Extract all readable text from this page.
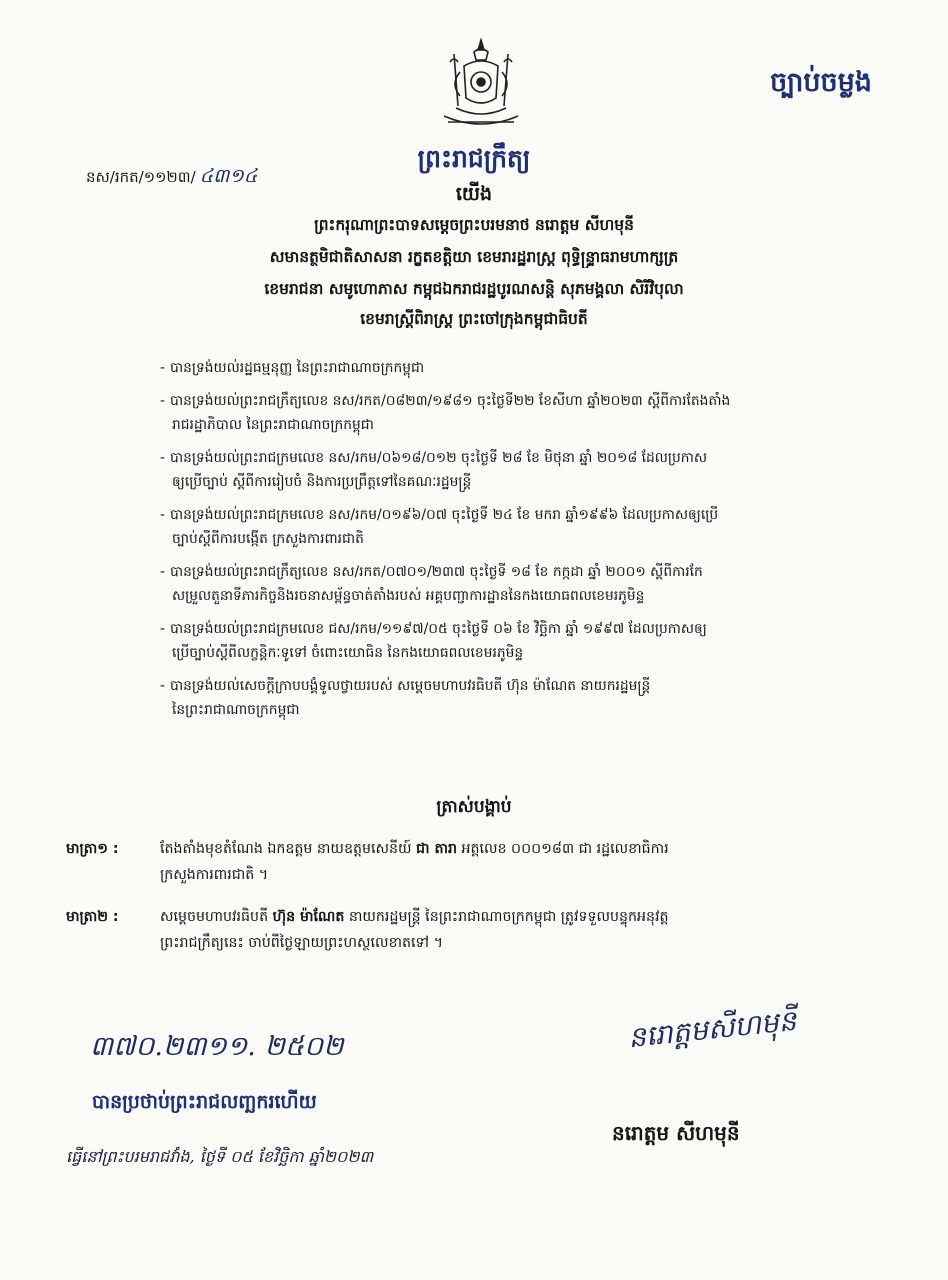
ច្បាប់ចម្លង
នស/រកត/១១២៣/ ៤៣១៤
ព្រះរាជក្រឹត្យ
យើង
ព្រះករុណាព្រះបាទសម្តេចព្រះបរមនាថ នរោត្តម សីហមុនី
សមានត្ថមិជាតិសាសនា រក្ខតខត្តិយា ខេមរារដ្ឋរាស្ត្រ ពុទ្ធិន្ទ្រាធរាមហាក្សត្រ
ខេមរាជនា សមូហោភាស កម្ពុជឯករាជរដ្ឋបូរណសន្តិ សុភមង្គលា សិរីវិបុលា
ខេមរាស្ត្រីពិរាស្ត្រ ព្រះចៅក្រុងកម្ពុជាធិបតី
- បានទ្រង់យល់រដ្ឋធម្មនុញ្ញ នៃព្រះរាជាណាចក្រកម្ពុជា
- បានទ្រង់យល់ព្រះរាជក្រឹត្យលេខ នស/រកត/០៨២៣/១៩៨១ ចុះថ្ងៃទី២២ ខែសីហា ឆ្នាំ២០២៣ ស្តីពីការតែងតាំង
រាជរដ្ឋាភិបាល នៃព្រះរាជាណាចក្រកម្ពុជា
- បានទ្រង់យល់ព្រះរាជក្រមលេខ នស/រកម/០៦១៨/០១២ ចុះថ្ងៃទី ២៨ ខែ មិថុនា ឆ្នាំ ២០១៨ ដែលប្រកាស
ឲ្យប្រើច្បាប់ ស្តីពីការរៀបចំ និងការប្រព្រឹត្តទៅនៃគណៈរដ្ឋមន្ត្រី
- បានទ្រង់យល់ព្រះរាជក្រមលេខ នស/រកម/០១៩៦/០៧ ចុះថ្ងៃទី ២៤ ខែ មករា ឆ្នាំ១៩៩៦ ដែលប្រកាសឲ្យប្រើ
ច្បាប់ស្តីពីការបង្កើត ក្រសួងការពារជាតិ
- បានទ្រង់យល់ព្រះរាជក្រឹត្យលេខ នស/រកត/០៧០១/២៣៧ ចុះថ្ងៃទី ១៨ ខែ កក្កដា ឆ្នាំ ២០០១ ស្តីពីការកែ
សម្រួលតួនាទីភារកិច្ចនិងរចនាសម្ព័ន្ធចាត់តាំងរបស់ អគ្គបញ្ជាការដ្ឋាននៃកងយោធពលខេមរភូមិន្ទ
- បានទ្រង់យល់ព្រះរាជក្រមលេខ ជស/រកម/១១៩៧/០៥ ចុះថ្ងៃទី ០៦ ខែ វិច្ឆិកា ឆ្នាំ ១៩៩៧ ដែលប្រកាសឲ្យ
ប្រើច្បាប់ស្តីពីលក្ខន្តិកៈទូទៅ ចំពោះយោធិន នៃកងយោធពលខេមរភូមិន្ទ
- បានទ្រង់យល់សេចក្តីក្រាបបង្គំទូលថ្វាយរបស់ សម្តេចមហាបវរធិបតី ហ៊ុន ម៉ាណែត នាយករដ្ឋមន្ត្រី
នៃព្រះរាជាណាចក្រកម្ពុជា
ត្រាស់បង្គាប់
មាត្រា១ :	តែងតាំងមុខតំណែង ឯកឧត្តម នាយឧត្តមសេនីយ៍ ជា តារា អត្តលេខ ០០០១៨៣ ជា រដ្ឋលេខាធិការ
ក្រសួងការពារជាតិ ។
មាត្រា២ :	សម្តេចមហាបវរធិបតី ហ៊ុន ម៉ាណែត នាយករដ្ឋមន្ត្រី នៃព្រះរាជាណាចក្រកម្ពុជា ត្រូវទទួលបន្ទុកអនុវត្ត
ព្រះរាជក្រឹត្យនេះ ចាប់ពីថ្ងៃឡាយព្រះហស្ថលេខាតទៅ ។
៣៧០.២៣១១. ២៥០២	នរោត្តមសីហមុនី
បានប្រថាប់ព្រះរាជលញ្ឆករហើយ
នរោត្តម សីហមុនី
ធ្វើនៅព្រះបរមរាជវាំង, ថ្ងៃទី ០៥ ខែវិច្ឆិកា ឆ្នាំ២០២៣
